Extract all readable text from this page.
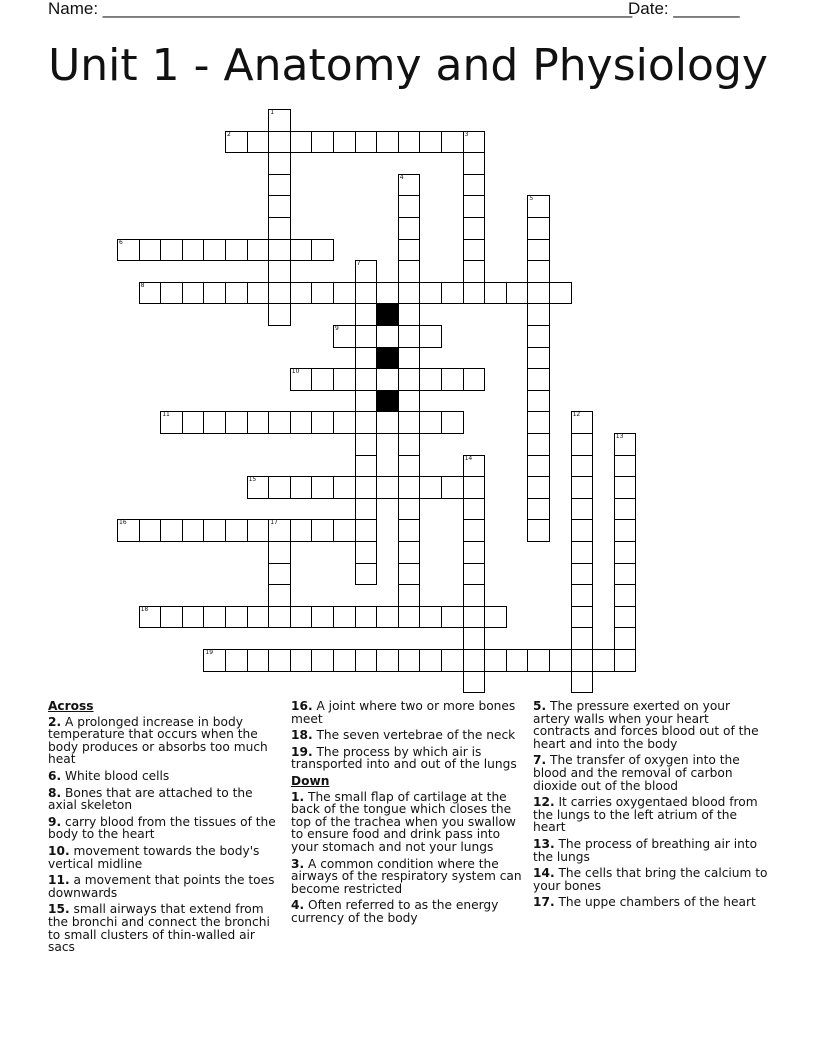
Name: ________________________________________________________
Date: _______
Unit 1 - Anatomy and Physiology
1
2	3
4
5
6
7
8
9
10
11	12
13
14
15
16	17
18
19
Across
2. A prolonged increase in body temperature that occurs when the body produces or absorbs too much heat
6. White blood cells
8. Bones that are attached to the axial skeleton
9. carry blood from the tissues of the body to the heart
10. movement towards the body's vertical midline
11. a movement that points the toes downwards
15. small airways that extend from the bronchi and connect the bronchi to small clusters of thin-walled air sacs
16. A joint where two or more bones meet
18. The seven vertebrae of the neck
19. The process by which air is transported into and out of the lungs
Down
1. The small flap of cartilage at the back of the tongue which closes the top of the trachea when you swallow to ensure food and drink pass into your stomach and not your lungs
3. A common condition where the airways of the respiratory system can become restricted
4. Often referred to as the energy currency of the body
5. The pressure exerted on your artery walls when your heart contracts and forces blood out of the heart and into the body
7. The transfer of oxygen into the blood and the removal of carbon dioxide out of the blood
12. It carries oxygentaed blood from the lungs to the left atrium of the heart
13. The process of breathing air into the lungs
14. The cells that bring the calcium to your bones
17. The uppe chambers of the heart
